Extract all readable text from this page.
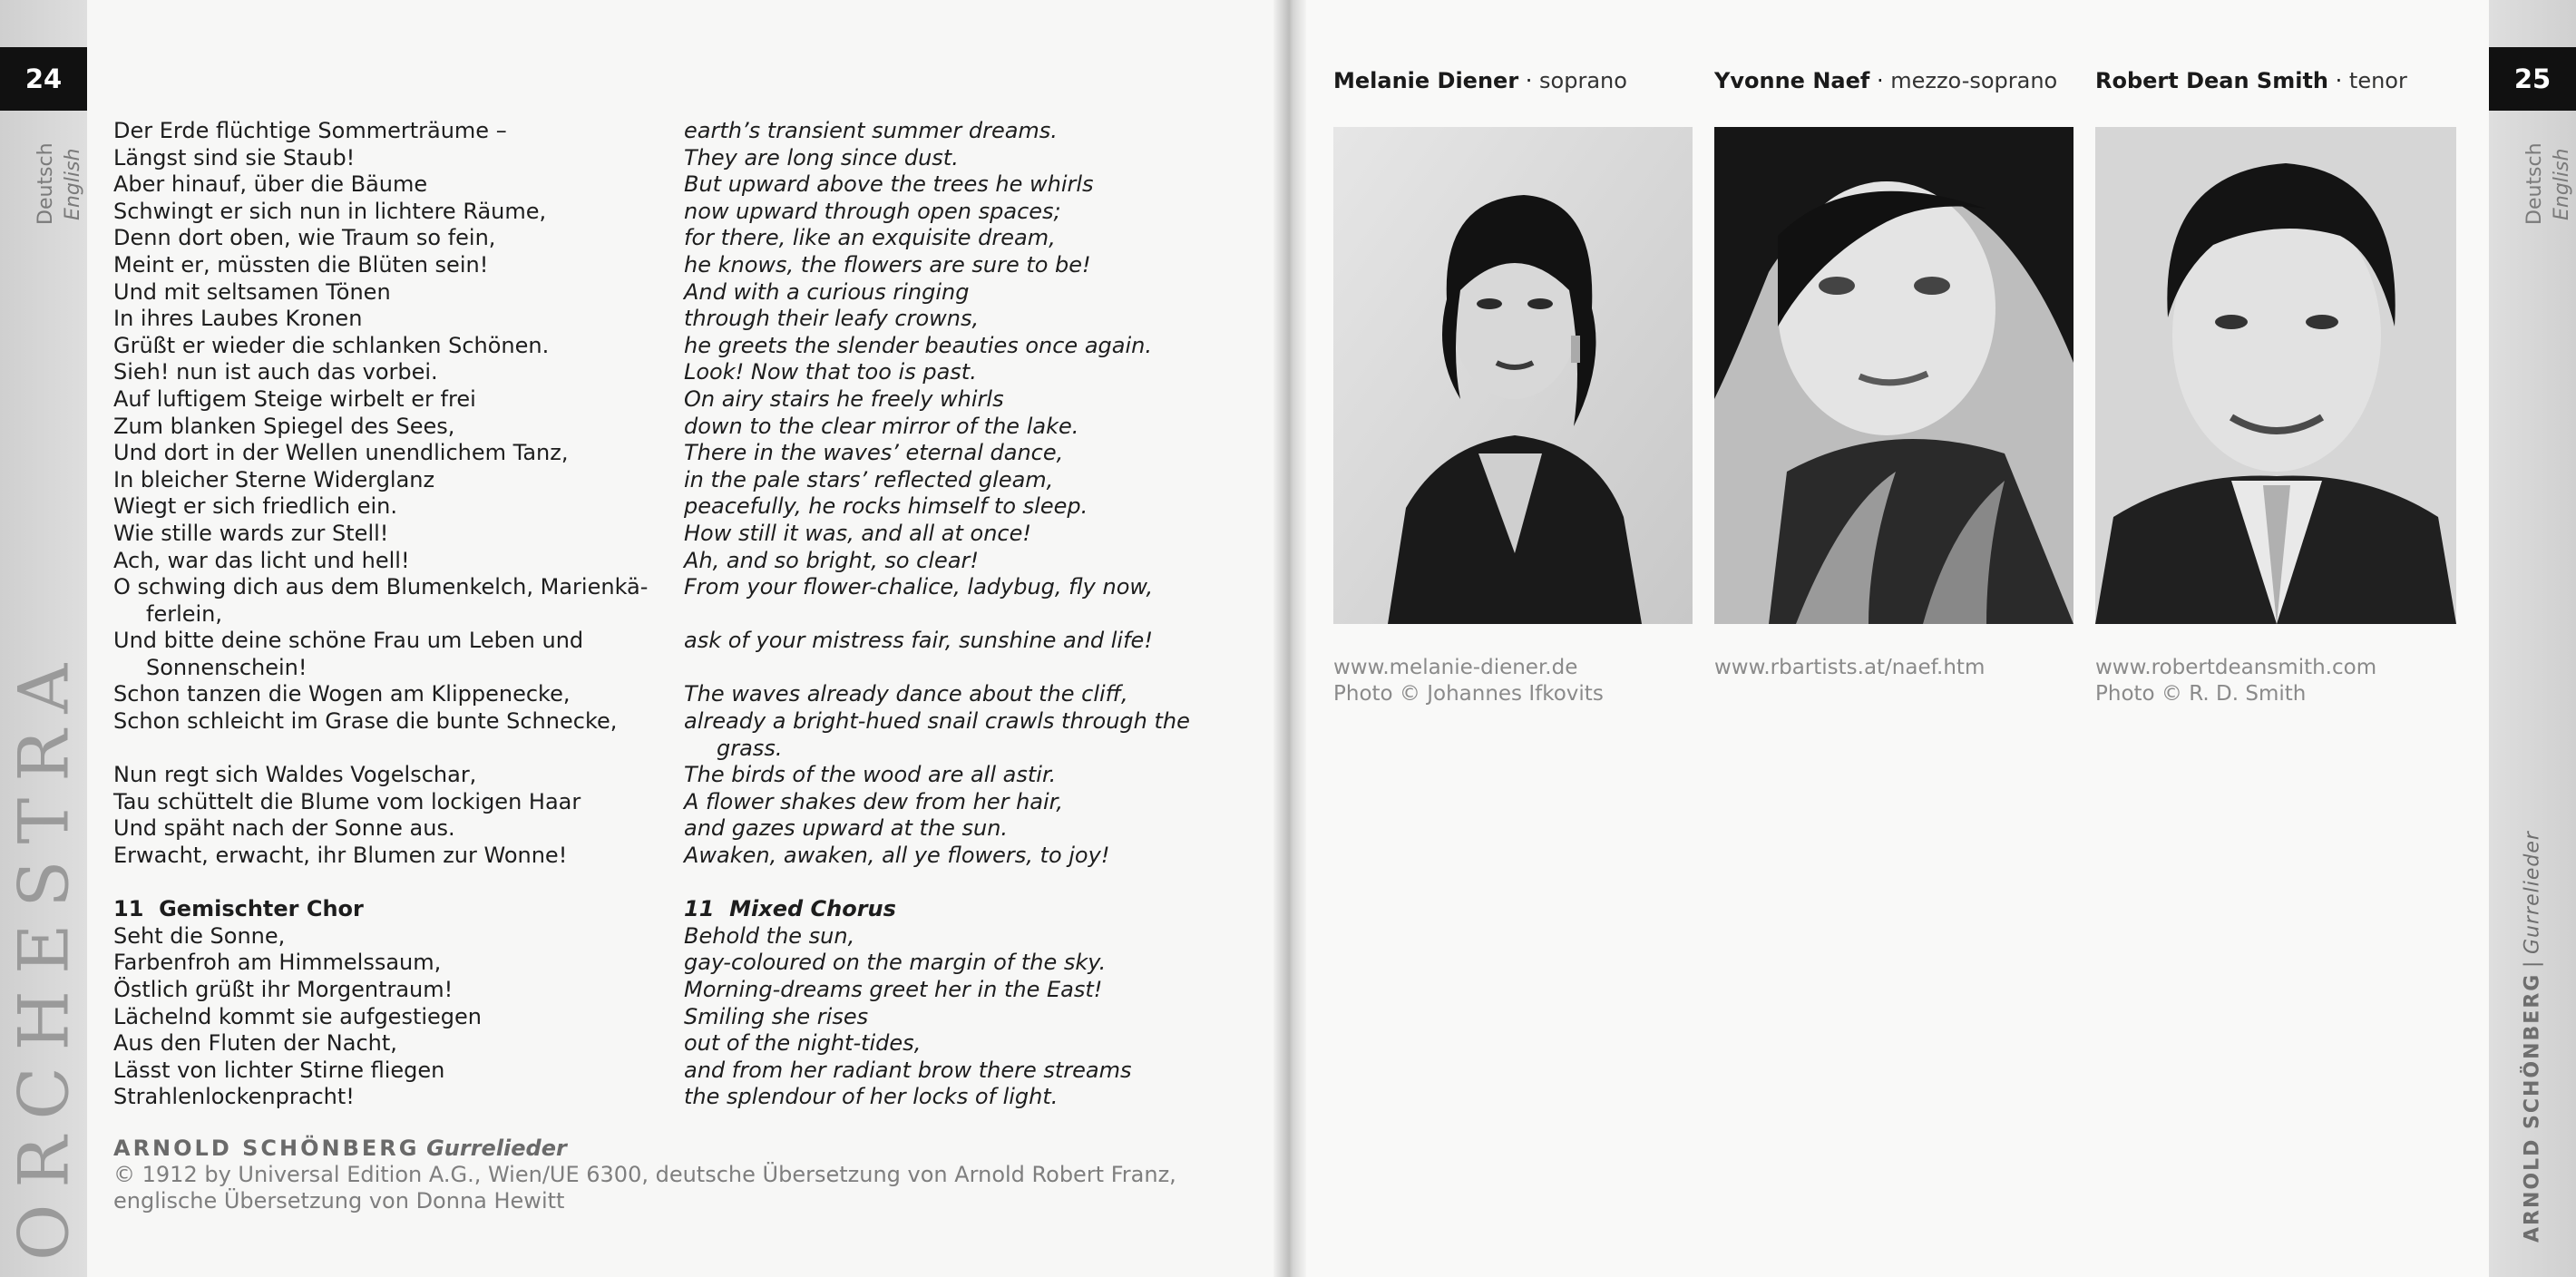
24
Deutsch English
ORCHESTRA
Der Erde flüchtige Sommerträume –
Längst sind sie Staub!
Aber hinauf, über die Bäume
Schwingt er sich nun in lichtere Räume,
Denn dort oben, wie Traum so fein,
Meint er, müssten die Blüten sein!
Und mit seltsamen Tönen
In ihres Laubes Kronen
Grüßt er wieder die schlanken Schönen.
Sieh! nun ist auch das vorbei.
Auf luftigem Steige wirbelt er frei
Zum blanken Spiegel des Sees,
Und dort in der Wellen unendlichem Tanz,
In bleicher Sterne Widerglanz
Wiegt er sich friedlich ein.
Wie stille wards zur Stell!
Ach, war das licht und hell!
O schwing dich aus dem Blumenkelch, Marienkä-
ferlein,
Und bitte deine schöne Frau um Leben und
Sonnenschein!
Schon tanzen die Wogen am Klippenecke,
Schon schleicht im Grase die bunte Schnecke,
Nun regt sich Waldes Vogelschar,
Tau schüttelt die Blume vom lockigen Haar
Und späht nach der Sonne aus.
Erwacht, erwacht, ihr Blumen zur Wonne!
11  Gemischter Chor
Seht die Sonne,
Farbenfroh am Himmelssaum,
Östlich grüßt ihr Morgentraum!
Lächelnd kommt sie aufgestiegen
Aus den Fluten der Nacht,
Lässt von lichter Stirne fliegen
Strahlenlockenpracht!
earth’s transient summer dreams.
They are long since dust.
But upward above the trees he whirls
now upward through open spaces;
for there, like an exquisite dream,
he knows, the flowers are sure to be!
And with a curious ringing
through their leafy crowns,
he greets the slender beauties once again.
Look! Now that too is past.
On airy stairs he freely whirls
down to the clear mirror of the lake.
There in the waves’ eternal dance,
in the pale stars’ reflected gleam,
peacefully, he rocks himself to sleep.
How still it was, and all at once!
Ah, and so bright, so clear!
From your flower-chalice, ladybug, fly now,
ask of your mistress fair, sunshine and life!
The waves already dance about the cliff,
already a bright-hued snail crawls through the
grass.
The birds of the wood are all astir.
A flower shakes dew from her hair,
and gazes upward at the sun.
Awaken, awaken, all ye flowers, to joy!
11  Mixed Chorus
Behold the sun,
gay-coloured on the margin of the sky.
Morning-dreams greet her in the East!
Smiling she rises
out of the night-tides,
and from her radiant brow there streams
the splendour of her locks of light.
ARNOLD SCHÖNBERG Gurrelieder
© 1912 by Universal Edition A.G., Wien/UE 6300, deutsche Übersetzung von Arnold Robert Franz,
englische Übersetzung von Donna Hewitt
25
Deutsch English
ARNOLD SCHÖNBERG
|
Gurrelieder
Melanie Diener · soprano
www.melanie-diener.de
Photo © Johannes Ifkovits
Yvonne Naef · mezzo-soprano
www.rbartists.at/naef.htm
Robert Dean Smith · tenor
www.robertdeansmith.com
Photo © R. D. Smith
